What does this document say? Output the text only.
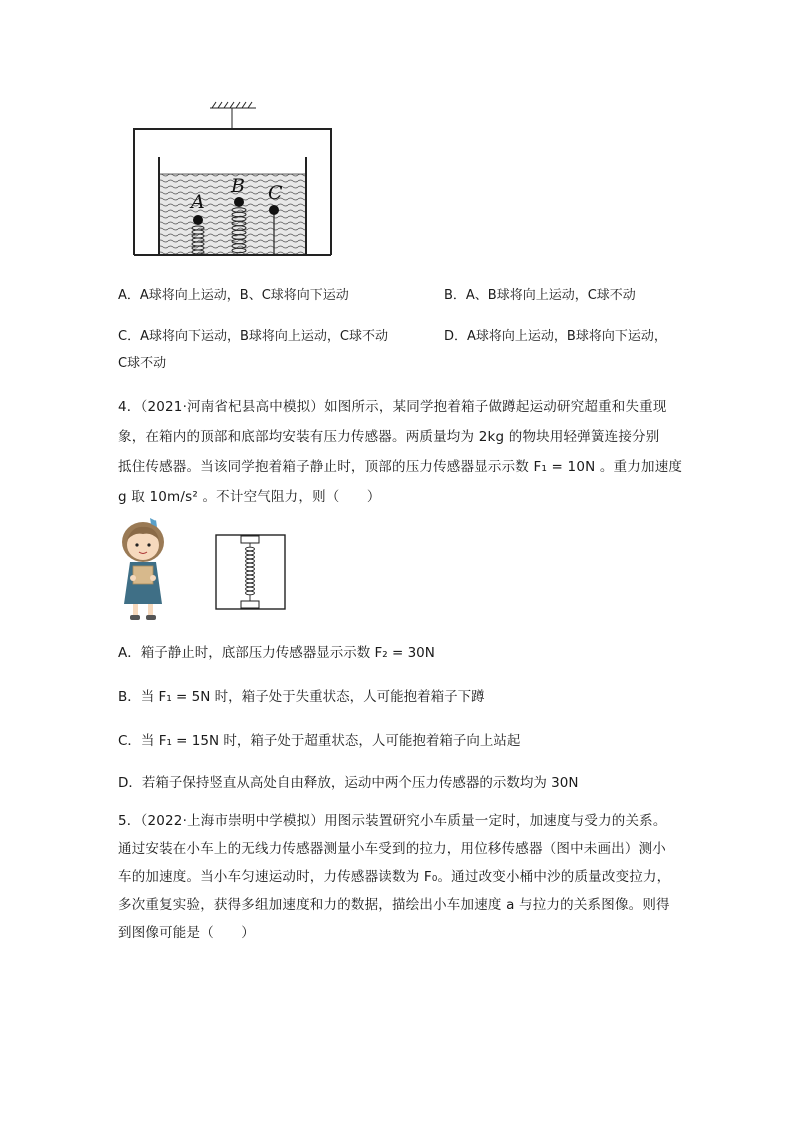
A
B C
A．A球将向上运动，B、C球将向下运动	B．A、B球将向上运动，C球不动
C．A球将向下运动，B球将向上运动，C球不动	D．A球将向上运动，B球将向下运动，
C球不动
4．（2021·河南省杞县高中模拟）如图所示，某同学抱着箱子做蹲起运动研究超重和失重现
象，在箱内的顶部和底部均安装有压力传感器。两质量均为 2kg 的物块用轻弹簧连接分别
抵住传感器。当该同学抱着箱子静止时，顶部的压力传感器显示示数 F₁ = 10N 。重力加速度
g 取 10m/s² 。不计空气阻力，则（　　）
A．箱子静止时，底部压力传感器显示示数 F₂ = 30N
B．当 F₁ = 5N 时，箱子处于失重状态，人可能抱着箱子下蹲
C．当 F₁ = 15N 时，箱子处于超重状态，人可能抱着箱子向上站起
D．若箱子保持竖直从高处自由释放，运动中两个压力传感器的示数均为 30N
5．（2022·上海市崇明中学模拟）用图示装置研究小车质量一定时，加速度与受力的关系。
通过安装在小车上的无线力传感器测量小车受到的拉力，用位移传感器（图中未画出）测小
车的加速度。当小车匀速运动时，力传感器读数为 F₀。通过改变小桶中沙的质量改变拉力，
多次重复实验，获得多组加速度和力的数据，描绘出小车加速度 a 与拉力的关系图像。则得
到图像可能是（　　）
